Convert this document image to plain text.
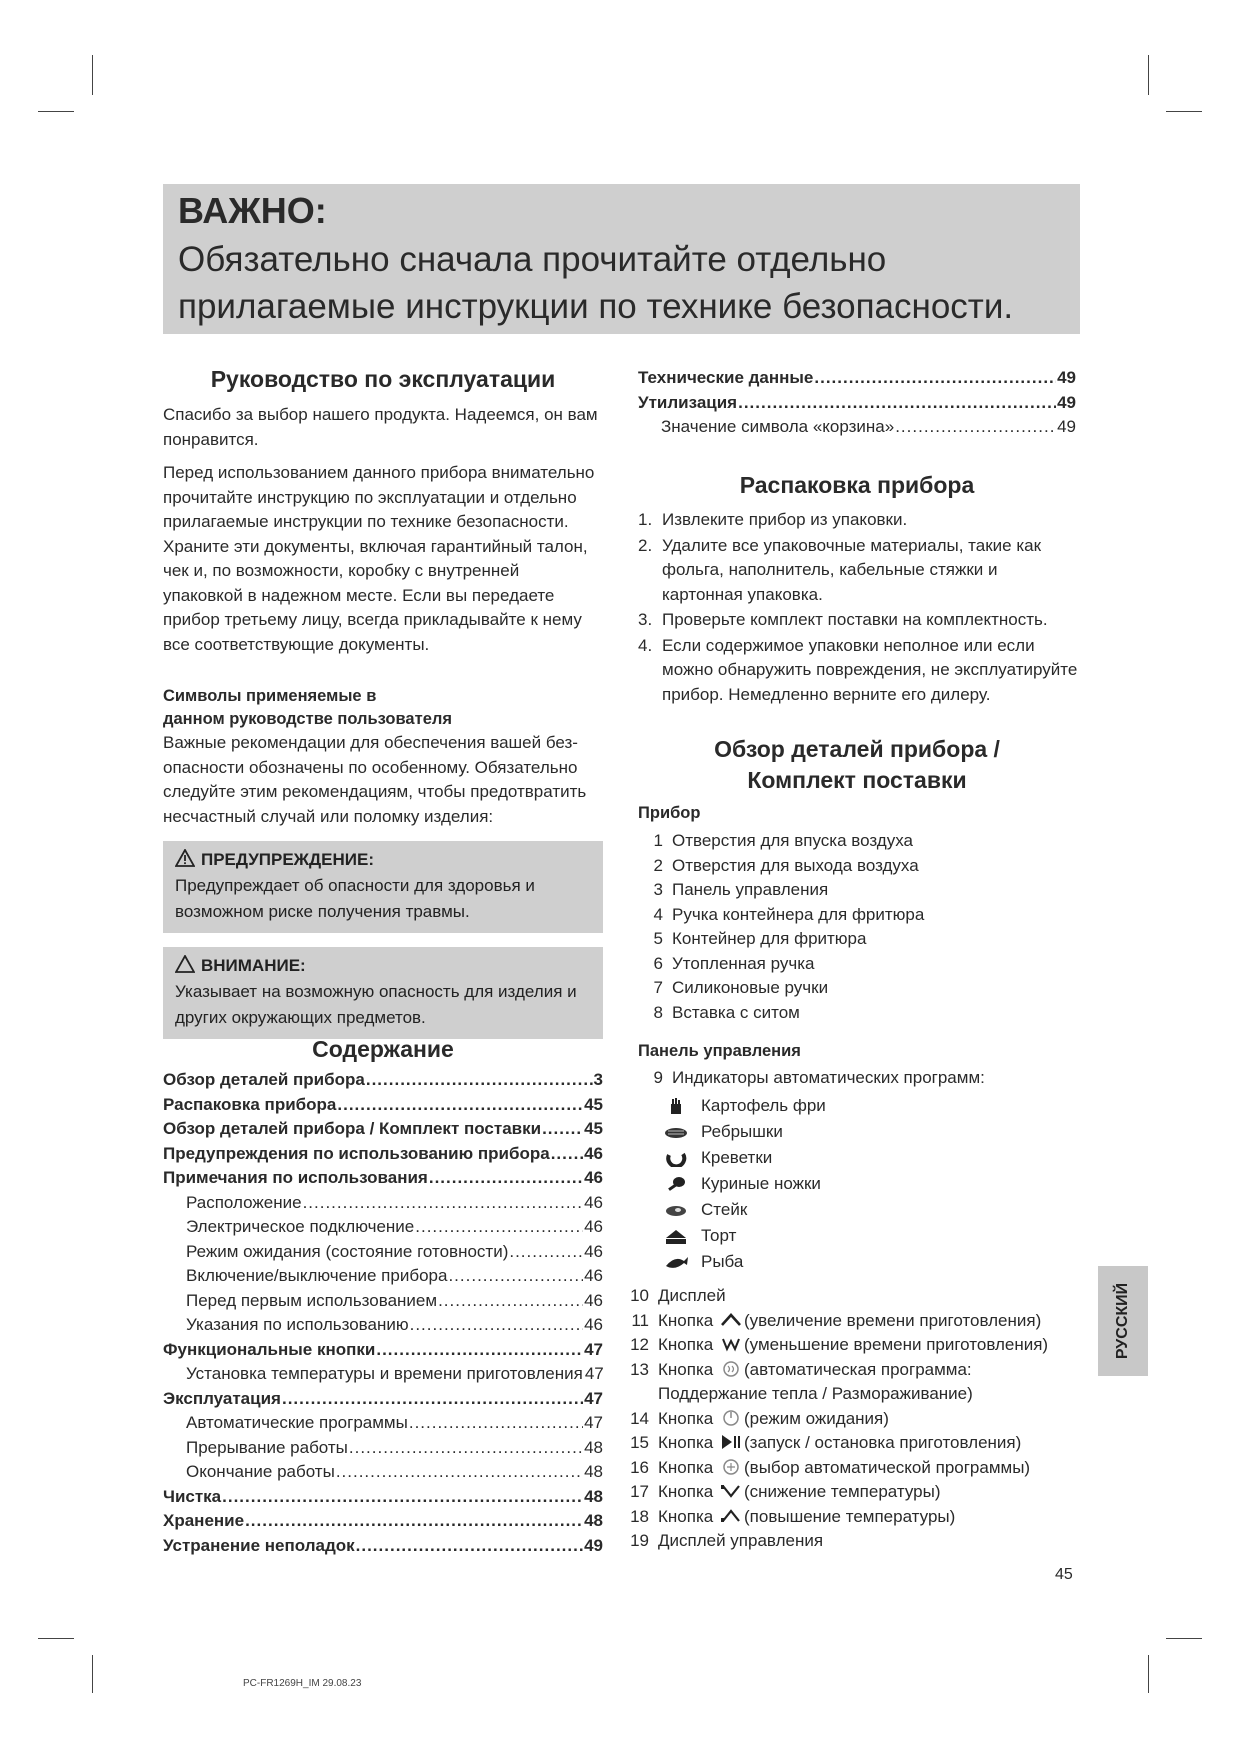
ВАЖНО:
Обязательно сначала прочитайте отдельно прилагаемые инструкции по технике безопасности.
Руководство по эксплуатации
Спасибо за выбор нашего продукта. Надеемся, он вам понравится.
Перед использованием данного прибора внимательно прочитайте инструкцию по эксплуатации и отдельно прилагаемые инструкции по технике безопасности. Храните эти документы, включая гарантийный талон, чек и, по возможности, коробку с внутренней упаковкой в надежном месте. Если вы передаете прибор третьему лицу, всегда прикладывайте к нему все соответствующие документы.
Символы применяемые в
данном руководстве пользователя
Важные рекомендации для обеспечения вашей безопасности обозначены по особенному. Обязательно следуйте этим рекомендациям, чтобы предотвратить несчастный случай или поломку изделия:
ПРЕДУПРЕЖДЕНИЕ:
Предупреждает об опасности для здоровья и возможном риске получения травмы.
ВНИМАНИЕ:
Указывает на возможную опасность для изделия и других окружающих предметов.
Содержание
Обзор деталей прибора .....	3
Распаковка прибора .....	45
Обзор деталей прибора / Комплект поставки .....	45
Предупреждения по использованию прибора ..... 46
Примечания по использования .....	46
Расположение .....	46
Электрическое подключение .....	46
Режим ожидания (состояние готовности) .....	46
Включение/выключение прибора .....	46
Перед первым использованием .....	46
Указания по использованию .....	46
Функциональные кнопки .....	47
Установка температуры и времени приготовления 47
Эксплуатация .....	47
Автоматические программы .....	47
Прерывание работы .....	48
Окончание работы .....	48
Чистка .....	48
Хранение .....	48
Устранение неполадок .....	49
Технические данные .....	49
Утилизация .....	49
Значение символа «корзина» .....	49
Распаковка прибора
1. Извлеките прибор из упаковки.
2. Удалите все упаковочные материалы, такие как фольга, наполнитель, кабельные стяжки и картонная упаковка.
3. Проверьте комплект поставки на комплектность.
4. Если содержимое упаковки неполное или если можно обнаружить повреждения, не эксплуатируйте прибор. Немедленно верните его дилеру.
Обзор деталей прибора /
Комплект поставки
Прибор
1 Отверстия для впуска воздуха
2 Отверстия для выхода воздуха
3 Панель управления
4 Ручка контейнера для фритюра
5 Контейнер для фритюра
6 Утопленная ручка
7 Силиконовые ручки
8 Вставка с ситом
Панель управления
9 Индикаторы автоматических программ:
Картофель фри
Ребрышки
Креветки
Куриные ножки
Стейк
Торт
Рыба
10 Дисплей
11 Кнопка (увеличение времени приготовления)
12 Кнопка (уменьшение времени приготовления)
13 Кнопка (автоматическая программа: Поддержание тепла / Размораживание)
14 Кнопка (режим ожидания)
15 Кнопка (запуск / остановка приготовления)
16 Кнопка (выбор автоматической программы)
17 Кнопка (снижение температуры)
18 Кнопка (повышение температуры)
19 Дисплей управления
РУССКИЙ
45
PC-FR1269H_IM 29.08.23
